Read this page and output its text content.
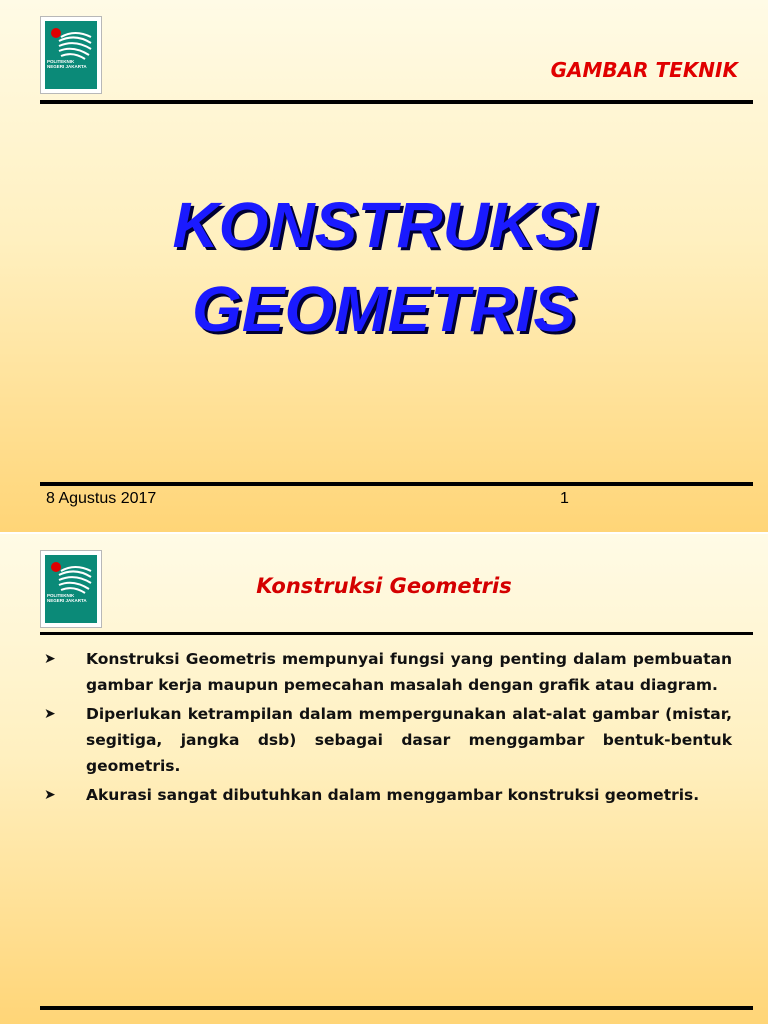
POLITEKNIK NEGERI JAKARTA	GAMBAR TEKNIK
KONSTRUKSI
GEOMETRIS
8 Agustus 2017	1
POLITEKNIK NEGERI JAKARTA
Konstruksi Geometris
➤ Konstruksi Geometris mempunyai fungsi yang penting dalam pembuatan gambar kerja maupun pemecahan masalah dengan grafik atau diagram.
➤ Diperlukan ketrampilan dalam mempergunakan alat-alat gambar (mistar, segitiga, jangka dsb) sebagai dasar menggambar bentuk-bentuk geometris.
➤ Akurasi sangat dibutuhkan dalam menggambar konstruksi geometris.
